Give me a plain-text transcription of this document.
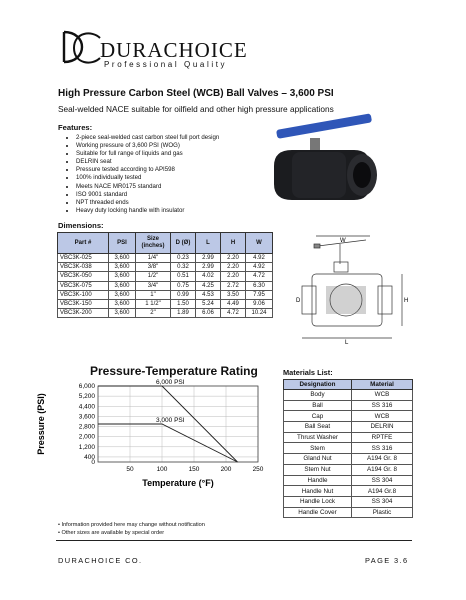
DURACHOICE
Professional Quality
High Pressure Carbon Steel (WCB) Ball Valves – 3,600 PSI
Seal-welded NACE suitable for oilfield and other high pressure applications
Features:
• 2-piece seal-welded cast carbon steel full port design
• Working pressure of 3,600 PSI (WOG)
• Suitable for full range of liquids and gas
• DELRIN seat
• Pressure tested according to API598
• 100% individually tested
• Meets NACE MR0175 standard
• ISO 9001 standard
• NPT threaded ends
• Heavy duty locking handle with insulator
Dimensions:
Part #	PSI	Size (inches)	D (Ø)	L	H	W
VBC3K-025	3,600	1/4"	0.23	2.99	2.20	4.92
VBC3K-038	3,600	3/8"	0.32	2.99	2.20	4.92
VBC3K-050	3,600	1/2"	0.51	4.02	2.20	4.72
VBC3K-075	3,600	3/4"	0.75	4.25	2.72	6.30
VBC3K-100	3,600	1"	0.99	4.53	3.50	7.95
VBC3K-150	3,600	1 1/2"	1.50	5.24	4.49	9.06
VBC3K-200	3,600	2"	1.89	6.06	4.72	10.24
L
H
W
D
Pressure-Temperature Rating
0
400
1,200
2,000
2,800
3,600
4,400
5,200
6,000
50	100	150	200	250
6,000 PSI
3,000 PSI
Temperature (°F)
Pressure (PSI)
Materials List:
Designation	Material
Body	WCB
Ball	SS 316
Cap	WCB
Ball Seat	DELRIN
Thrust Washer	RPTFE
Stem	SS 316
Gland Nut	A194 Gr. 8
Stem Nut	A194 Gr. 8
Handle	SS 304
Handle Nut	A194 Gr.8
Handle Lock	SS 304
Handle Cover	Plastic
• Information provided here may change without notification
• Other sizes are available by special order
DURACHOICE CO.	PAGE 3.6
